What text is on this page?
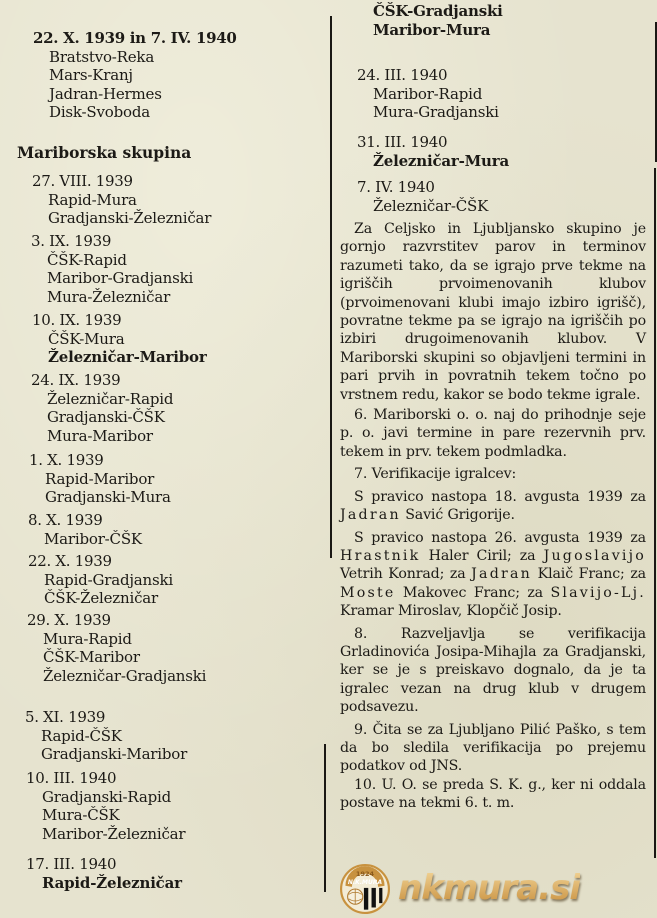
22. X. 1939 in 7. IV. 1940
Bratstvo-Reka
Mars-Kranj
Jadran-Hermes
Disk-Svoboda
Mariborska skupina
27. VIII. 1939
Rapid-Mura
Gradjanski-Železničar
3. IX. 1939
ČŠK-Rapid
Maribor-Gradjanski
Mura-Železničar
10. IX. 1939
ČŠK-Mura
Železničar-Maribor
24. IX. 1939
Železničar-Rapid
Gradjanski-ČŠK
Mura-Maribor
1. X. 1939
Rapid-Maribor
Gradjanski-Mura
8. X. 1939
Maribor-ČŠK
22. X. 1939
Rapid-Gradjanski
ČŠK-Železničar
29. X. 1939
Mura-Rapid
ČŠK-Maribor
Železničar-Gradjanski
5. XI. 1939
Rapid-ČŠK
Gradjanski-Maribor
10. III. 1940
Gradjanski-Rapid
Mura-ČŠK
Maribor-Železničar
17. III. 1940
Rapid-Železničar
ČŠK-Gradjanski
Maribor-Mura
24. III. 1940
Maribor-Rapid
Mura-Gradjanski
31. III. 1940
Železničar-Mura
7. IV. 1940
Železničar-ČŠK

Za Celjsko in Ljubljansko skupino je gornjo razvrstitev parov in terminov razumeti tako, da se igrajo prve tekme na igriščih prvoimenovanih klubov (prvoimenovani klubi imajo izbiro igrišč), povratne tekme pa se igrajo na igriščih po izbiri drugoimenovanih klubov. V Mariborski skupini so objavljeni termini in pari prvih in povratnih tekem točno po vrstnem redu, kakor se bodo tekme igrale.

6. Mariborski o. o. naj do prihodnje seje p. o. javi termine in pare rezervnih prv. tekem in prv. tekem podmladka.

7. Verifikacije igralcev:

S pravico nastopa 18. avgusta 1939 za Jadran Savić Grigorije.

S pravico nastopa 26. avgusta 1939 za Hrastnik Haler Ciril; za Jugoslavijo Vetrih Konrad; za Jadran Klaič Franc; za Moste Makovec Franc; za Slavijo-Lj. Kramar Miroslav, Klopčič Josip.

8. Razveljavlja se verifikacija Grladinovića Josipa-Mihajla za Gradjanski, ker se je s preiskavo dognalo, da je ta igralec vezan na drug klub v drugem podsavezu.

9. Čita se za Ljubljano Pilić Paško, s tem da bo sledila verifikacija po prejemu podatkov od JNS.

10. U. O. se preda S. K. g., ker ni oddala postave na tekmi 6. t. m.

1924
N.K.MURA nkmura.si
